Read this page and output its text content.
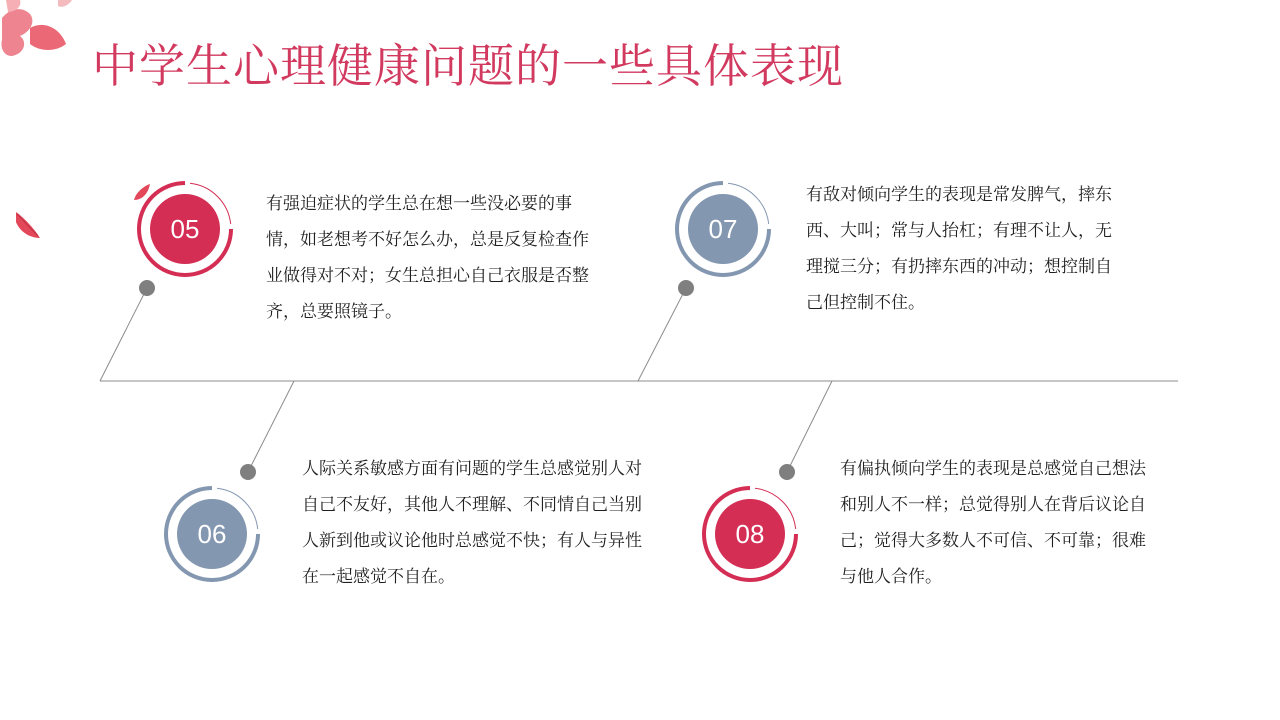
中学生心理健康问题的一些具体表现
05
有强迫症状的学生总在想一些没必要的事情，如老想考不好怎么办，总是反复检查作业做得对不对；女生总担心自己衣服是否整齐，总要照镜子。
07
有敌对倾向学生的表现是常发脾气，摔东西、大叫；常与人抬杠；有理不让人，无理搅三分；有扔摔东西的冲动；想控制自己但控制不住。
06
人际关系敏感方面有问题的学生总感觉别人对自己不友好，其他人不理解、不同情自己当别人新到他或议论他时总感觉不快；有人与异性在一起感觉不自在。
08
有偏执倾向学生的表现是总感觉自己想法和别人不一样；总觉得别人在背后议论自己；觉得大多数人不可信、不可靠；很难与他人合作。
